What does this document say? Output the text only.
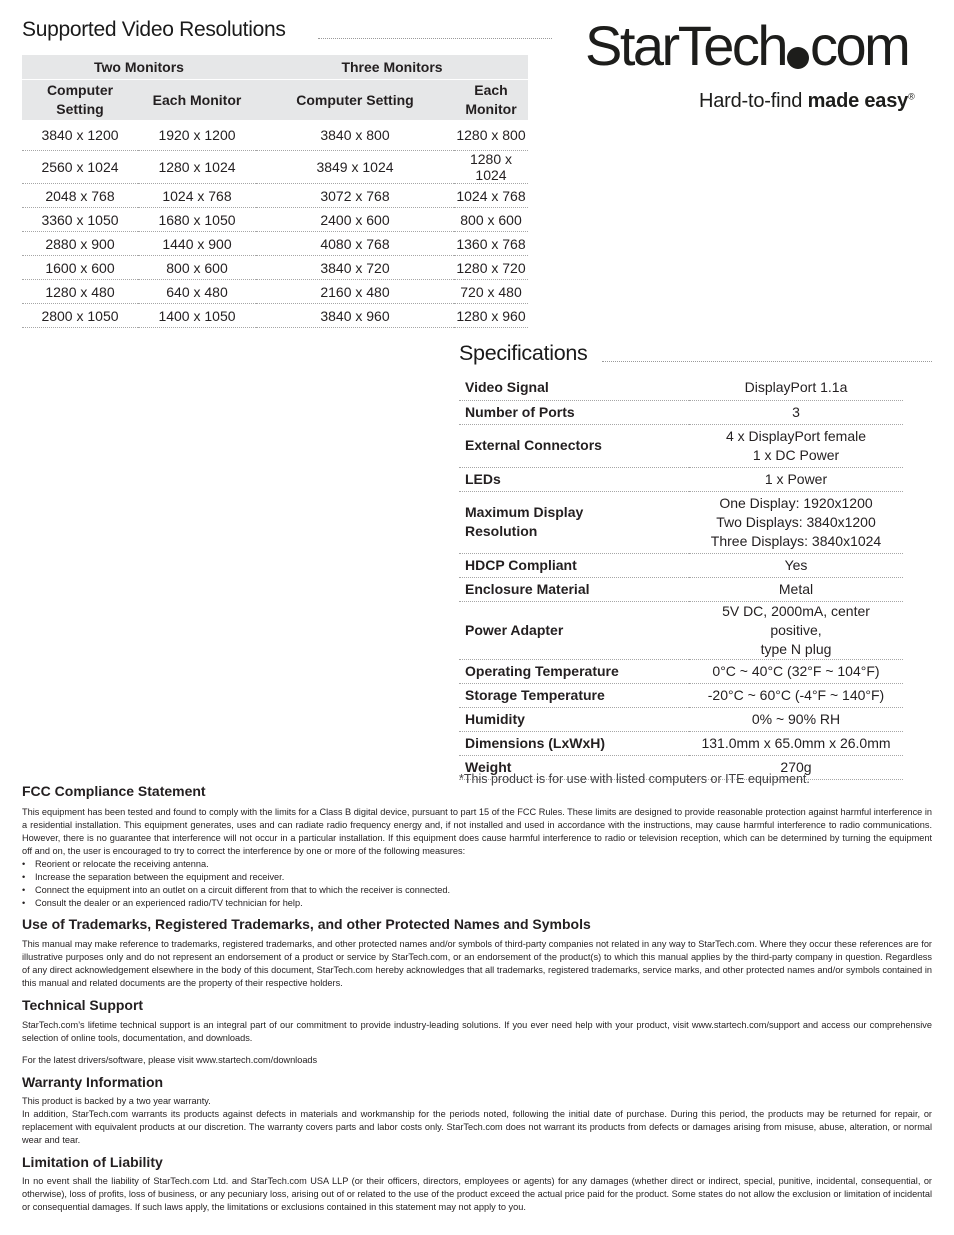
Supported Video Resolutions
Two Monitors		Three Monitors	
Computer Setting	Each Monitor	Computer Setting	Each Monitor
3840 x 1200	1920 x 1200	3840 x 800	1280 x 800
2560 x 1024	1280 x 1024	3849 x 1024	1280 x 1024
2048 x 768	1024 x 768	3072 x 768	1024 x 768
3360 x 1050	1680 x 1050	2400 x 600	800 x 600
2880 x 900	1440 x 900	4080 x 768	1360 x 768
1600 x 600	800 x 600	3840 x 720	1280 x 720
1280 x 480	640 x 480	2160 x 480	720 x 480
2800 x 1050	1400 x 1050	3840 x 960	1280 x 960
StarTech com
Hard-to-find made easy®
Specifications
Video Signal	DisplayPort 1.1a
Number of Ports	3
External Connectors	4 x DisplayPort female
1 x DC Power
LEDs	1 x Power
Maximum Display Resolution	One Display: 1920x1200
Two Displays: 3840x1200
Three Displays: 3840x1024
HDCP Compliant	Yes
Enclosure Material	Metal
Power Adapter	5V DC, 2000mA, center positive,
type N plug
Operating Temperature	0°C ~ 40°C (32°F ~ 104°F)
Storage Temperature	-20°C ~ 60°C (-4°F ~ 140°F)
Humidity	0% ~ 90% RH
Dimensions (LxWxH)	131.0mm x 65.0mm x 26.0mm
Weight	270g
*This product is for use with listed computers or ITE equipment.
FCC Compliance Statement
This equipment has been tested and found to comply with the limits for a Class B digital device, pursuant to part 15 of the FCC Rules. These limits are designed to provide reasonable protection against harmful interference in a residential installation. This equipment generates, uses and can radiate radio frequency energy and, if not installed and used in accordance with the instructions, may cause harmful interference to radio communications. However, there is no guarantee that interference will not occur in a particular installation. If this equipment does cause harmful interference to radio or television reception, which can be determined by turning the equipment off and on, the user is encouraged to try to correct the interference by one or more of the following measures:
• Reorient or relocate the receiving antenna.
• Increase the separation between the equipment and receiver.
• Connect the equipment into an outlet on a circuit different from that to which the receiver is connected.
• Consult the dealer or an experienced radio/TV technician for help.
Use of Trademarks, Registered Trademarks, and other Protected Names and Symbols
This manual may make reference to trademarks, registered trademarks, and other protected names and/or symbols of third-party companies not related in any way to StarTech.com. Where they occur these references are for illustrative purposes only and do not represent an endorsement of a product or service by StarTech.com, or an endorsement of the product(s) to which this manual applies by the third-party company in question. Regardless of any direct acknowledgement elsewhere in the body of this document, StarTech.com hereby acknowledges that all trademarks, registered trademarks, service marks, and other protected names and/or symbols contained in this manual and related documents are the property of their respective holders.
Technical Support
StarTech.com’s lifetime technical support is an integral part of our commitment to provide industry-leading solutions. If you ever need help with your product, visit www.startech.com/support and access our comprehensive selection of online tools, documentation, and downloads.
For the latest drivers/software, please visit www.startech.com/downloads
Warranty Information
This product is backed by a two year warranty.
In addition, StarTech.com warrants its products against defects in materials and workmanship for the periods noted, following the initial date of purchase. During this period, the products may be returned for repair, or replacement with equivalent products at our discretion. The warranty covers parts and labor costs only. StarTech.com does not warrant its products from defects or damages arising from misuse, abuse, alteration, or normal wear and tear.
Limitation of Liability
In no event shall the liability of StarTech.com Ltd. and StarTech.com USA LLP (or their officers, directors, employees or agents) for any damages (whether direct or indirect, special, punitive, incidental, consequential, or otherwise), loss of profits, loss of business, or any pecuniary loss, arising out of or related to the use of the product exceed the actual price paid for the product. Some states do not allow the exclusion or limitation of incidental or consequential damages. If such laws apply, the limitations or exclusions contained in this statement may not apply to you.
